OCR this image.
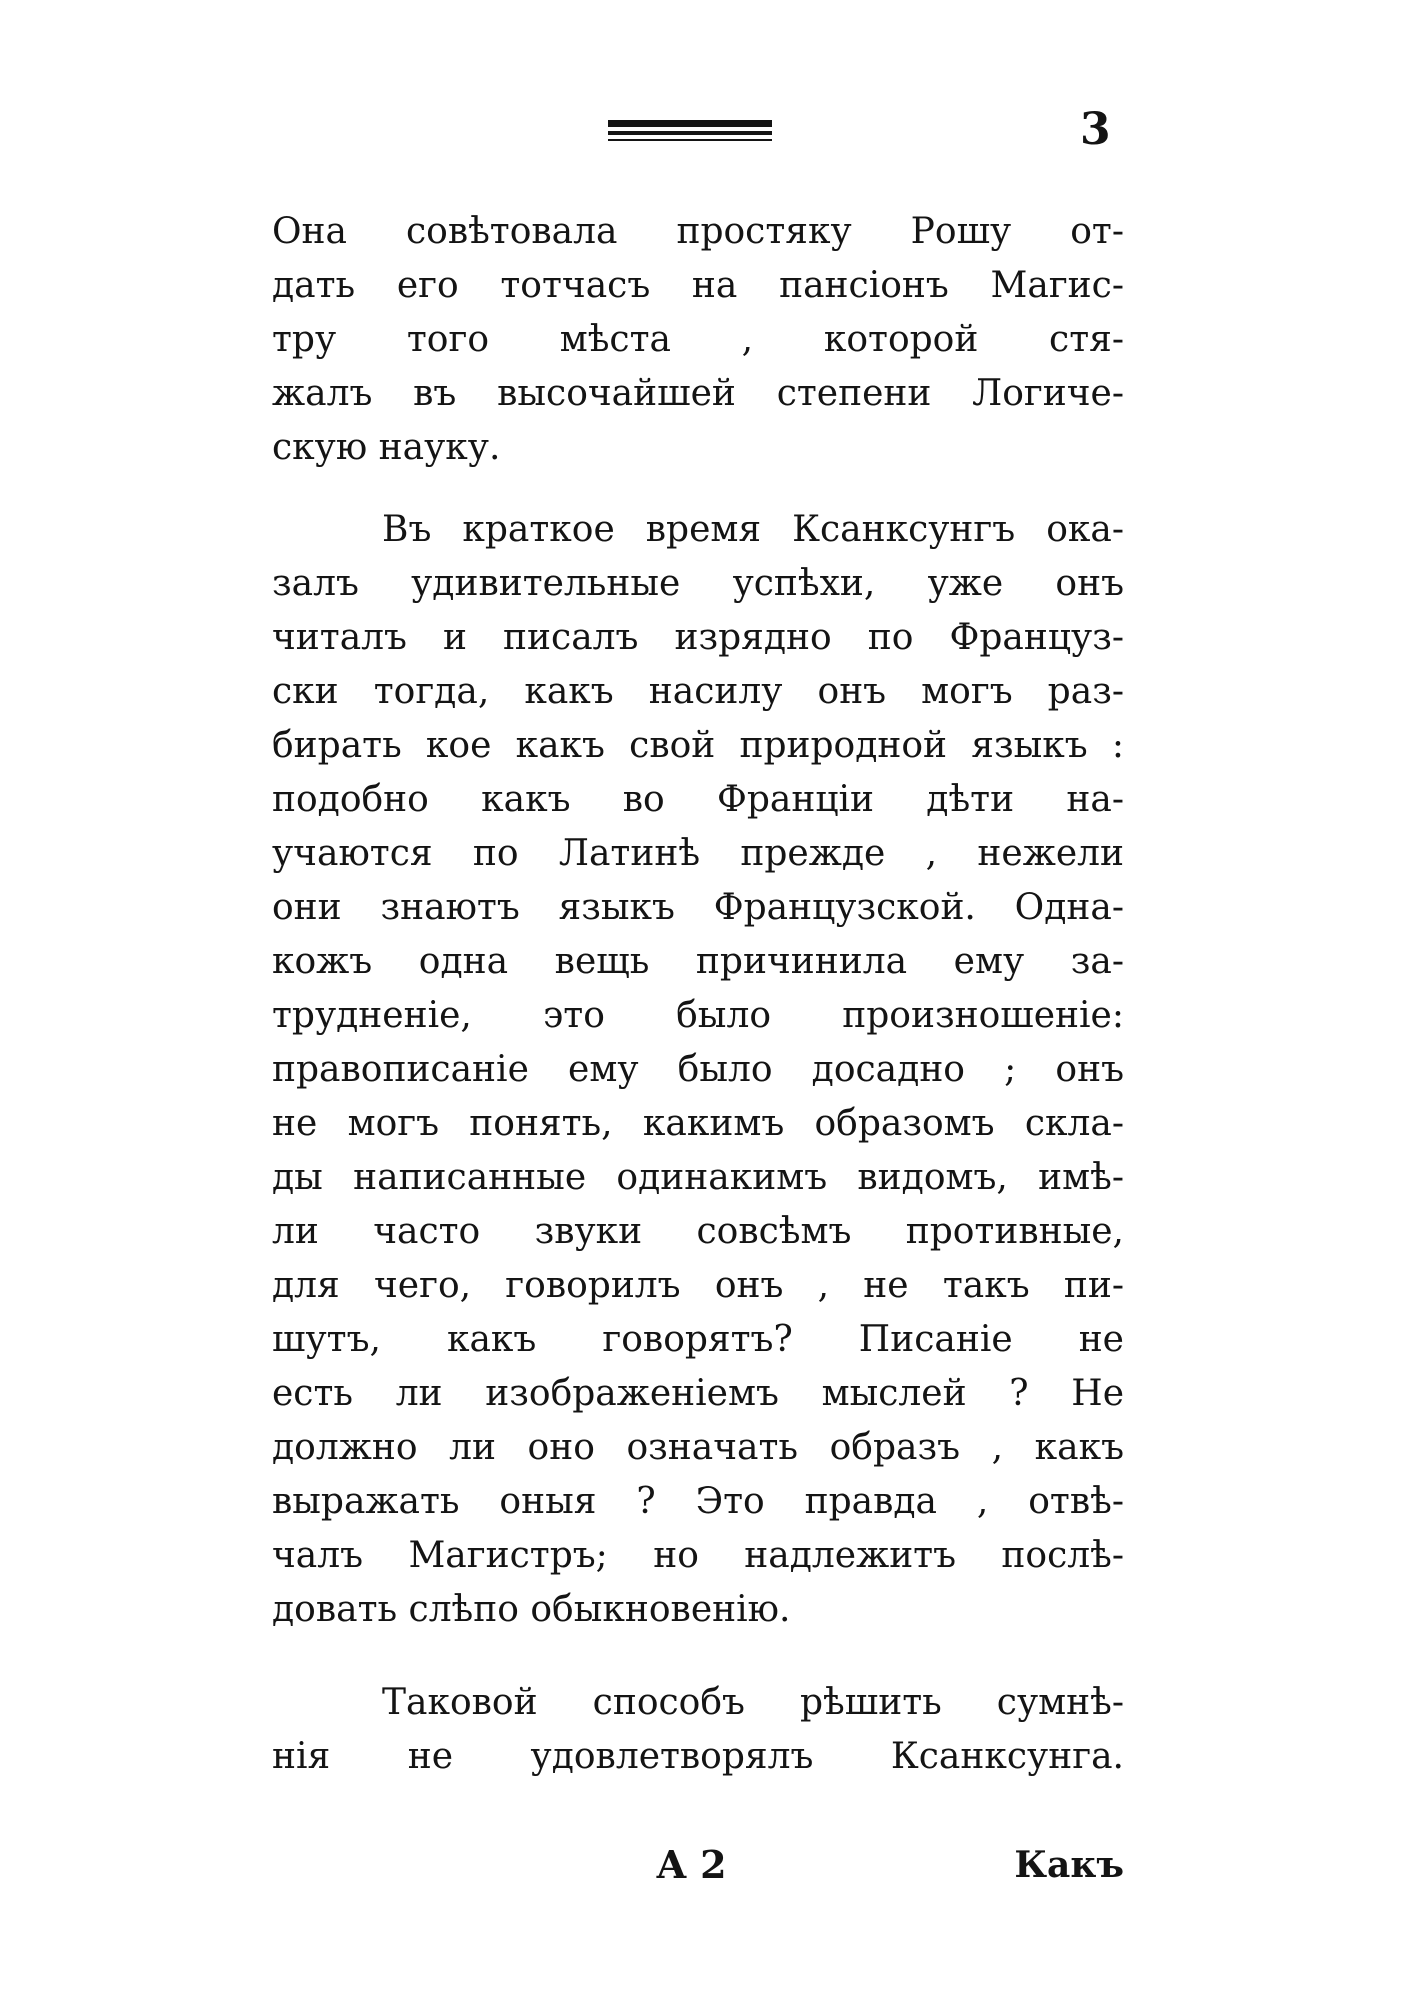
3
Она совѣтовала простяку Рошу от-
дать его тотчасъ на пансіонъ Магис-
тру того мѣста , которой стя-
жалъ въ высочайшей степени Логиче-
скую науку.
Въ краткое время Ксанксунгъ ока-
залъ удивительные успѣхи, уже онъ
читалъ и писалъ изрядно по Француз-
ски тогда, какъ насилу онъ могъ раз-
бирать кое какъ свой природной языкъ :
подобно какъ во Франціи дѣти на-
учаются по Латинѣ прежде , нежели
они знаютъ языкъ Французской. Одна-
кожъ одна вещь причинила ему за-
трудненіе, это было произношеніе:
правописаніе ему было досадно ; онъ
не могъ понять, какимъ образомъ скла-
ды написанные одинакимъ видомъ, имѣ-
ли часто звуки совсѣмъ противные,
для чего, говорилъ онъ , не такъ пи-
шутъ, какъ говорятъ? Писаніе не
есть ли изображеніемъ мыслей ? Не
должно ли оно означать образъ , какъ
выражать оныя ? Это правда , отвѣ-
чалъ Магистръ; но надлежитъ послѣ-
довать слѣпо обыкновенію.
Таковой способъ рѣшить сумнѣ-
нія не удовлетворялъ Ксанксунга.
А 2	Какъ
